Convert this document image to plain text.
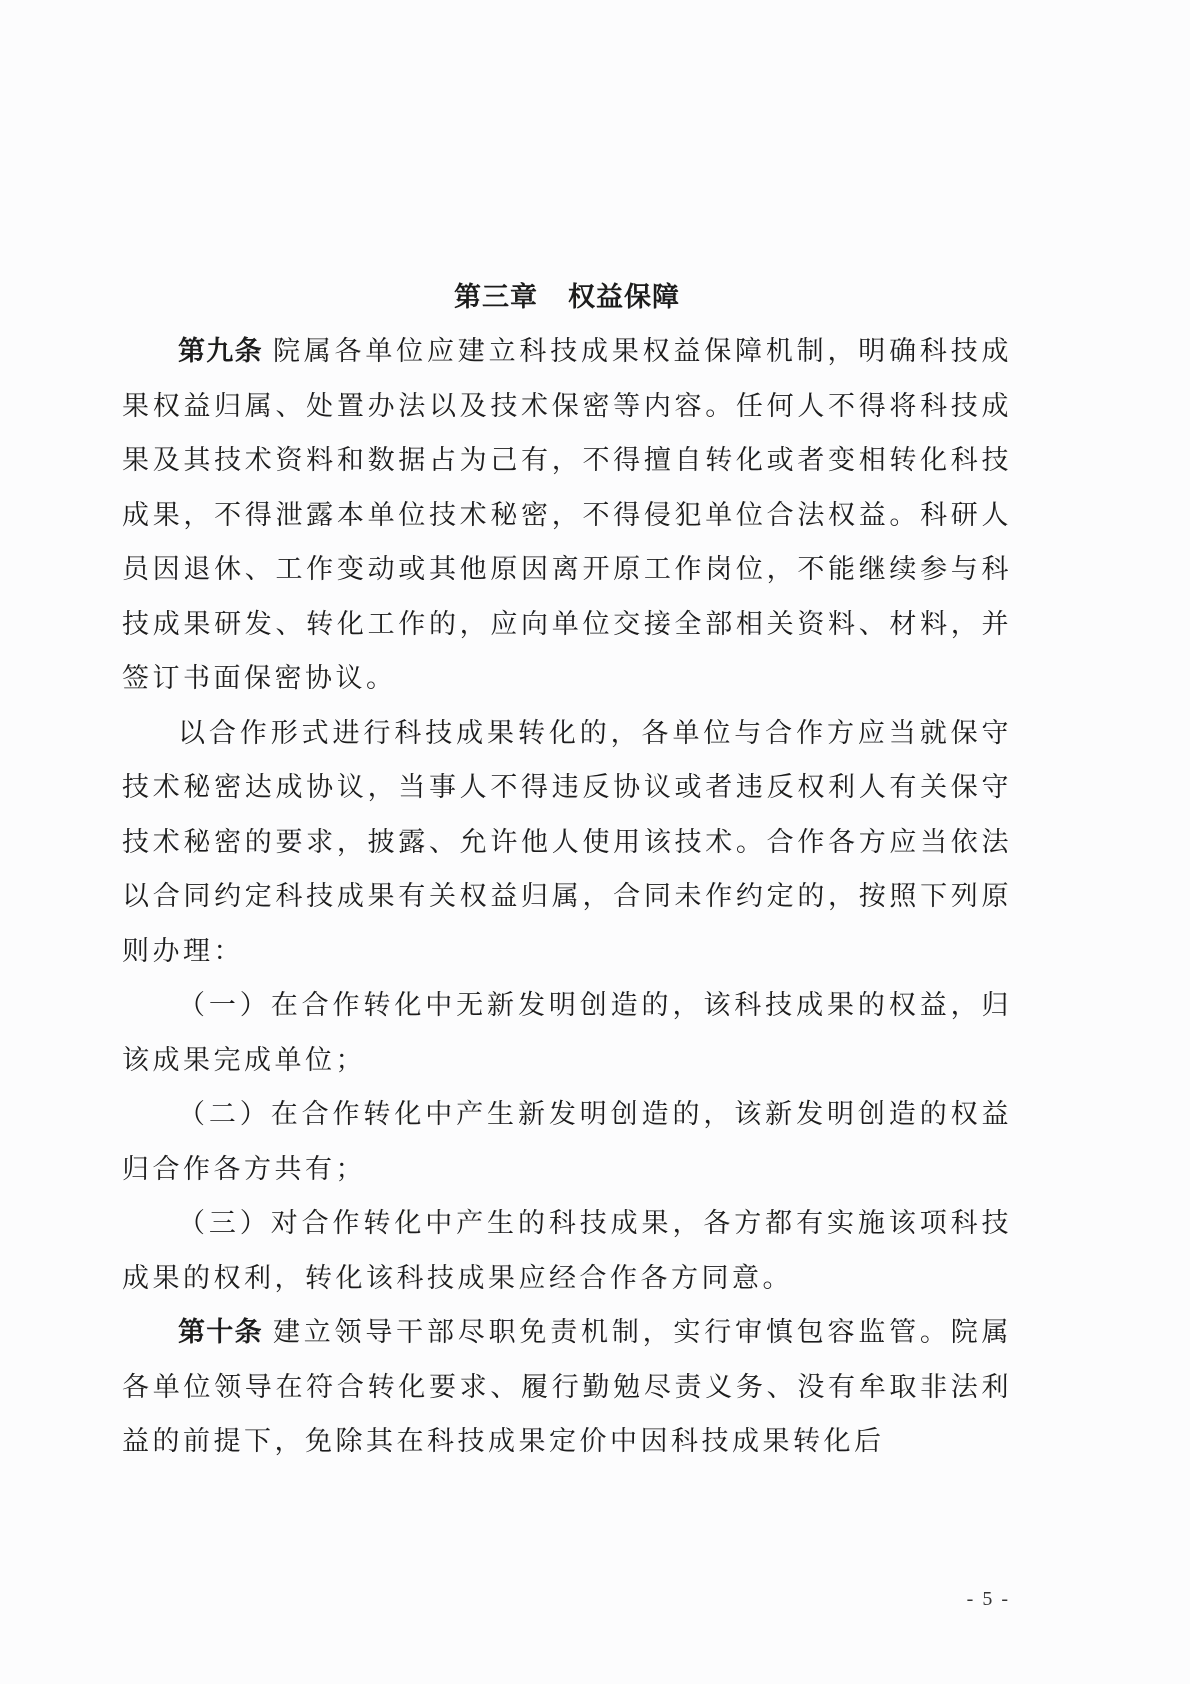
第三章 权益保障

第九条 院属各单位应建立科技成果权益保障机制，明确科技成果权益归属、处置办法以及技术保密等内容。任何人不得将科技成果及其技术资料和数据占为己有，不得擅自转化或者变相转化科技成果，不得泄露本单位技术秘密，不得侵犯单位合法权益。科研人员因退休、工作变动或其他原因离开原工作岗位，不能继续参与科技成果研发、转化工作的，应向单位交接全部相关资料、材料，并签订书面保密协议。

以合作形式进行科技成果转化的，各单位与合作方应当就保守技术秘密达成协议，当事人不得违反协议或者违反权利人有关保守技术秘密的要求，披露、允许他人使用该技术。合作各方应当依法以合同约定科技成果有关权益归属，合同未作约定的，按照下列原则办理：

（一）在合作转化中无新发明创造的，该科技成果的权益，归该成果完成单位；

（二）在合作转化中产生新发明创造的，该新发明创造的权益归合作各方共有；

（三）对合作转化中产生的科技成果，各方都有实施该项科技成果的权利，转化该科技成果应经合作各方同意。

第十条 建立领导干部尽职免责机制，实行审慎包容监管。院属各单位领导在符合转化要求、履行勤勉尽责义务、没有牟取非法利益的前提下，免除其在科技成果定价中因科技成果转化后

- 5 -
